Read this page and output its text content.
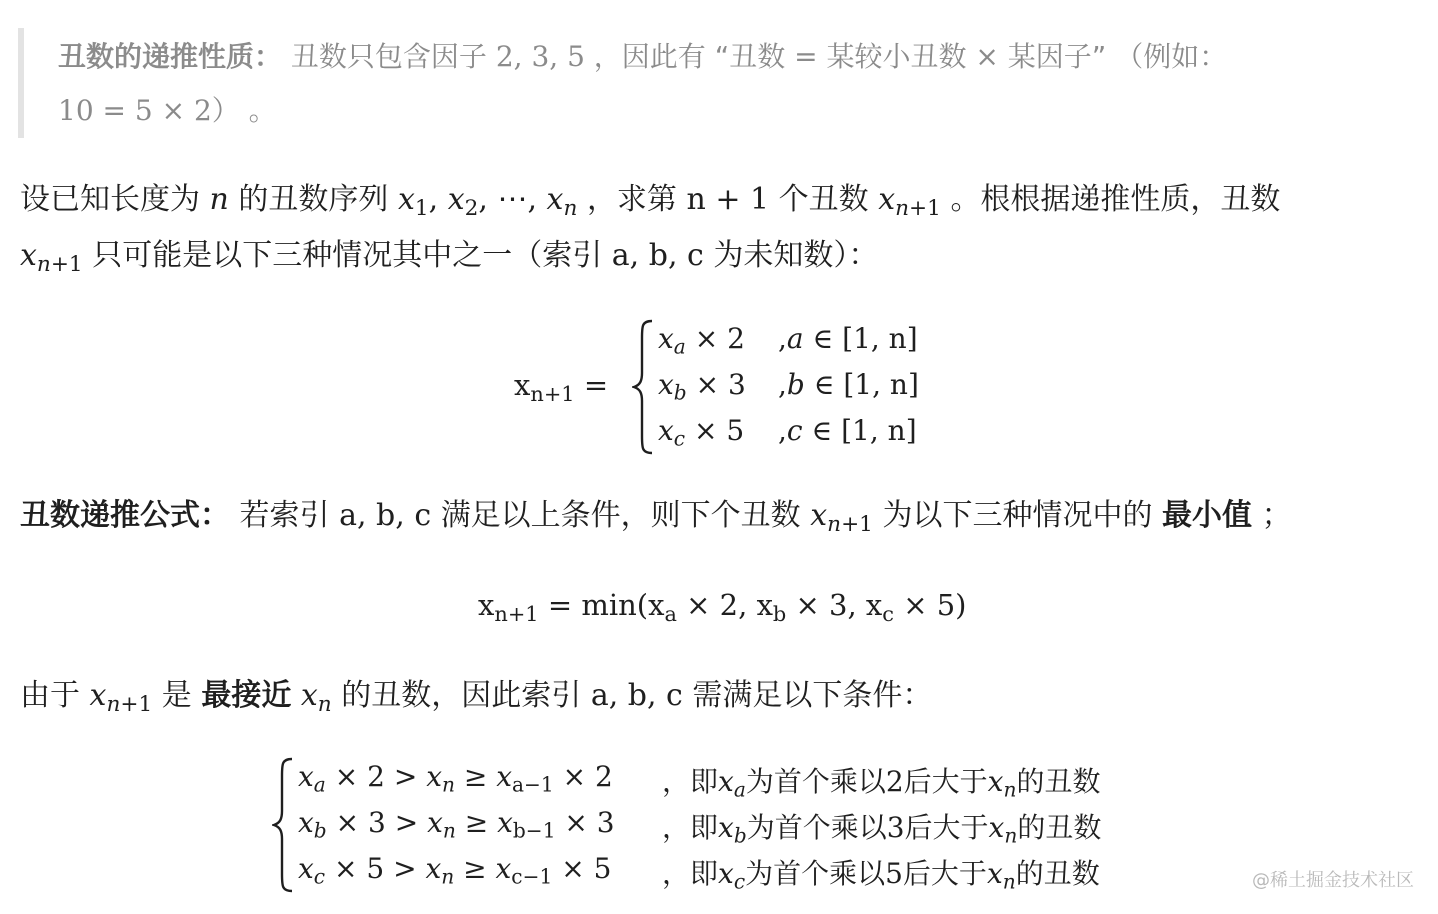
丑数的递推性质： 丑数只包含因子 2, 3, 5 ，因此有 “丑数 = 某较小丑数 × 某因子” （例如：
10 = 5 × 2） 。
设已知长度为 n 的丑数序列 $x_1$, $x_2$, ⋯, $x_n$ ，求第 n + 1 个丑数 $x_{n+1}$ 。根根据递推性质，丑数
$x_{n+1}$ 只可能是以下三种情况其中之一（索引 a, b, c 为未知数）：
$x_{n+1}$ =
$x_a \times 2$ ,a ∈ [1, n]
$x_b \times 3$ ,b ∈ [1, n]
$x_c \times 5$ ,c ∈ [1, n]
丑数递推公式： 若索引 a, b, c 满足以上条件，则下个丑数 $x_{n+1}$ 为以下三种情况中的 最小值 ；
$x_{n+1} = \min(x_a \times 2$, $x_b \times 3$, $x_c \times 5$)
由于 $x_{n+1}$ 是 最接近 $x_n$ 的丑数，因此索引 a, b, c 需满足以下条件：
$x_a \times 2 > x_n \ge x_{a-1} \times 2$ ，即$x_a$为首个乘以2后大于$x_n$的丑数
$x_b \times 3 > x_n \ge x_{b-1} \times 3$ ，即$x_b$为首个乘以3后大于$x_n$的丑数
$x_c \times 5 > x_n \ge x_{c-1} \times 5$ ，即$x_c$为首个乘以5后大于$x_n$的丑数	@稀土掘金技术社区
